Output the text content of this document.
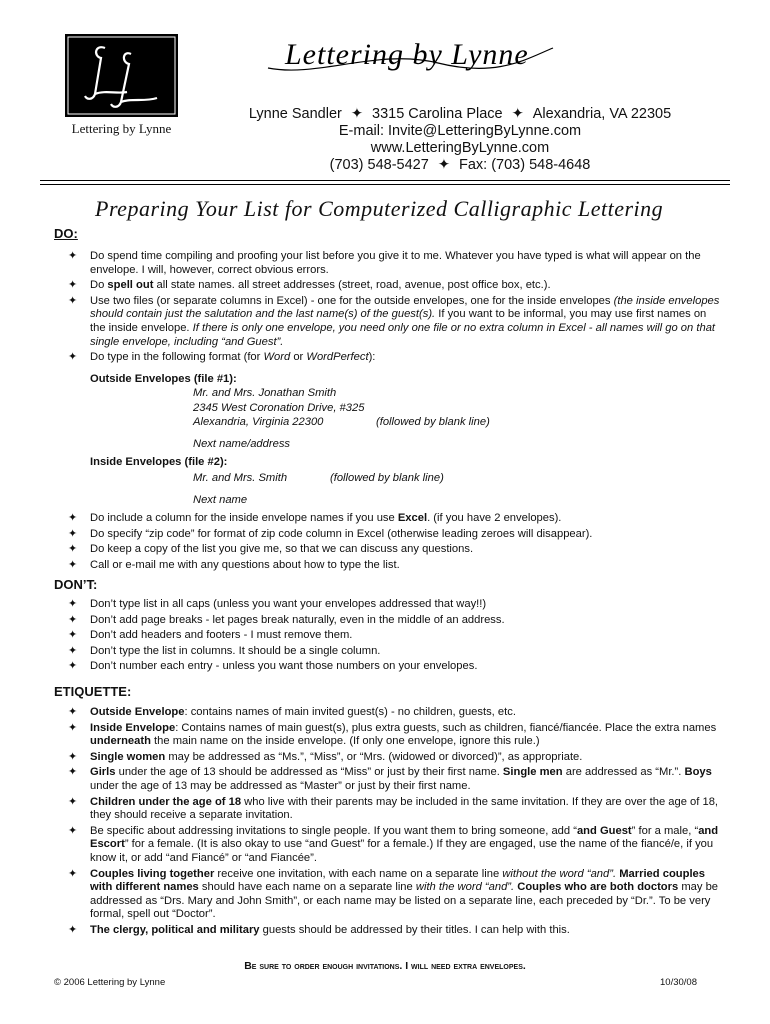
Lettering by Lynne
Lettering by Lynne
Lynne Sandler ✦ 3315 Carolina Place ✦ Alexandria, VA 22305
E-mail: Invite@LetteringByLynne.com
www.LetteringByLynne.com
(703) 548-5427 ✦ Fax: (703) 548-4648
Preparing Your List for Computerized Calligraphic Lettering
DO:
✦ Do spend time compiling and proofing your list before you give it to me. Whatever you have typed is what will appear on the envelope. I will, however, correct obvious errors.
✦ Do spell out all state names. all street addresses (street, road, avenue, post office box, etc.).
✦ Use two files (or separate columns in Excel) - one for the outside envelopes, one for the inside envelopes (the inside envelopes should contain just the salutation and the last name(s) of the guest(s). If you want to be informal, you may use first names on the inside envelope. If there is only one envelope, you need only one file or no extra column in Excel - all names will go on that single envelope, including “and Guest”.
✦ Do type in the following format (for Word or WordPerfect):
Outside Envelopes (file #1):
Mr. and Mrs. Jonathan Smith
2345 West Coronation Drive, #325
Alexandria, Virginia 22300	(followed by blank line)
Next name/address
Inside Envelopes (file #2):
Mr. and Mrs. Smith	(followed by blank line)
Next name
✦ Do include a column for the inside envelope names if you use Excel. (if you have 2 envelopes).
✦ Do specify “zip code” for format of zip code column in Excel (otherwise leading zeroes will disappear).
✦ Do keep a copy of the list you give me, so that we can discuss any questions.
✦ Call or e-mail me with any questions about how to type the list.
DON’T:
✦ Don’t type list in all caps (unless you want your envelopes addressed that way!!)
✦ Don’t add page breaks - let pages break naturally, even in the middle of an address.
✦ Don’t add headers and footers - I must remove them.
✦ Don’t type the list in columns. It should be a single column.
✦ Don’t number each entry - unless you want those numbers on your envelopes.
ETIQUETTE:
✦ Outside Envelope: contains names of main invited guest(s) - no children, guests, etc.
✦ Inside Envelope: Contains names of main guest(s), plus extra guests, such as children, fiancé/fiancée. Place the extra names underneath the main name on the inside envelope. (If only one envelope, ignore this rule.)
✦ Single women may be addressed as “Ms.”, “Miss”, or “Mrs. (widowed or divorced)”, as appropriate.
✦ Girls under the age of 13 should be addressed as “Miss” or just by their first name. Single men are addressed as “Mr.”. Boys under the age of 13 may be addressed as “Master” or just by their first name.
✦ Children under the age of 18 who live with their parents may be included in the same invitation. If they are over the age of 18, they should receive a separate invitation.
✦ Be specific about addressing invitations to single people. If you want them to bring someone, add “and Guest” for a male, “and Escort” for a female. (It is also okay to use “and Guest” for a female.) If they are engaged, use the name of the fiancé/e, if you know it, or add “and Fiancé” or “and Fiancée”.
✦ Couples living together receive one invitation, with each name on a separate line without the word “and”. Married couples with different names should have each name on a separate line with the word “and”. Couples who are both doctors may be addressed as “Drs. Mary and John Smith”, or each name may be listed on a separate line, each preceded by “Dr.”. To be very formal, spell out “Doctor”.
✦ The clergy, political and military guests should be addressed by their titles. I can help with this.
Be sure to order enough invitations. I will need extra envelopes.
© 2006 Lettering by Lynne	10/30/08
